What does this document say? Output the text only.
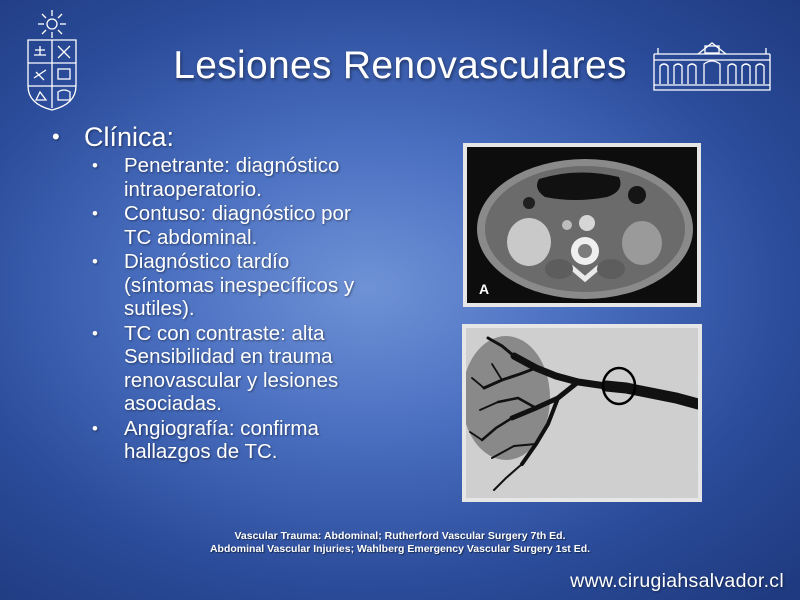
Lesiones Renovasculares
• Clínica:
•	Penetrante: diagnóstico intraoperatorio.
•	Contuso: diagnóstico por TC abdominal.
•	Diagnóstico tardío (síntomas inespecíficos y sutiles).
•	TC con contraste: alta Sensibilidad en trauma renovascular y lesiones asociadas.
•	Angiografía: confirma hallazgos de TC.
A
Vascular Trauma: Abdominal; Rutherford Vascular Surgery 7th Ed.
Abdominal Vascular Injuries; Wahlberg Emergency Vascular Surgery 1st Ed.
www.cirugiahsalvador.cl
